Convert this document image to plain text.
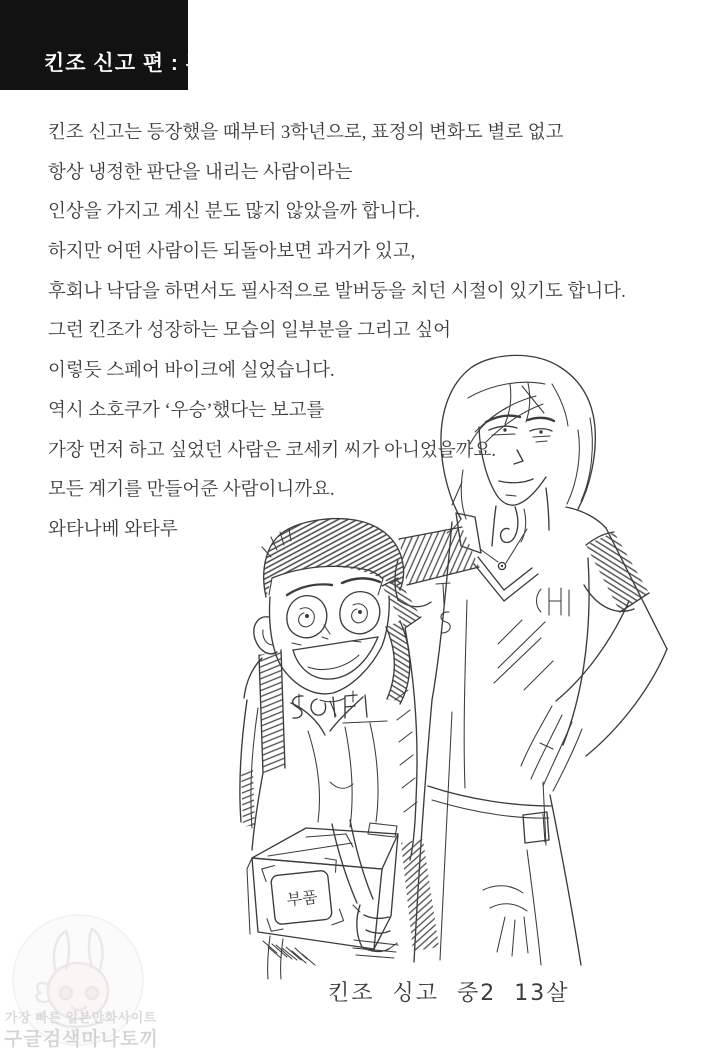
킨조 신고 편 : 후기

킨조 신고는 등장했을 때부터 3학년으로, 표정의 변화도 별로 없고

항상 냉정한 판단을 내리는 사람이라는

인상을 가지고 계신 분도 많지 않았을까 합니다.

하지만 어떤 사람이든 되돌아보면 과거가 있고,

후회나 낙담을 하면서도 필사적으로 발버둥을 치던 시절이 있기도 합니다.

그런 킨조가 성장하는 모습의 일부분을 그리고 싶어

이렇듯 스페어 바이크에 실었습니다.

역시 소호쿠가 ‘우승’했다는 보고를

가장 먼저 하고 싶었던 사람은 코세키 씨가 아니었을까요.

모든 계기를 만들어준 사람이니까요.

와타나베 와타루

부품
킨조 싱고 중2 13살
가장 빠른 일본만화사이트
구글검색마나토끼
